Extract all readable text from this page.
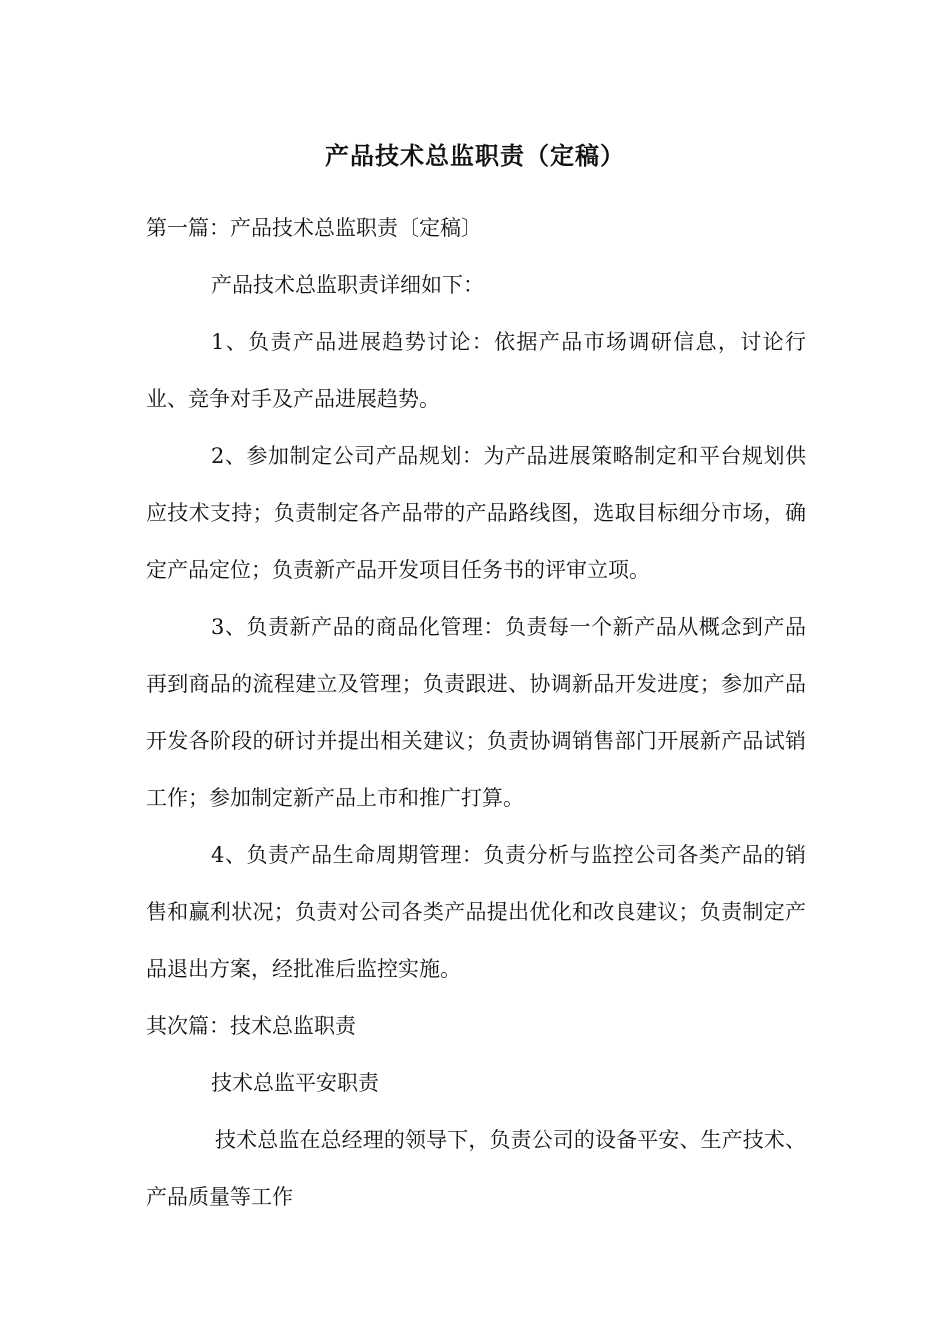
产品技术总监职责（定稿）

第一篇：产品技术总监职责〔定稿〕

产品技术总监职责详细如下：

1、负责产品进展趋势讨论：依据产品市场调研信息，讨论行业、竞争对手及产品进展趋势。

2、参加制定公司产品规划：为产品进展策略制定和平台规划供应技术支持；负责制定各产品带的产品路线图，选取目标细分市场，确定产品定位；负责新产品开发项目任务书的评审立项。

3、负责新产品的商品化管理：负责每一个新产品从概念到产品再到商品的流程建立及管理；负责跟进、协调新品开发进度；参加产品开发各阶段的研讨并提出相关建议；负责协调销售部门开展新产品试销工作；参加制定新产品上市和推广打算。

4、负责产品生命周期管理：负责分析与监控公司各类产品的销售和赢利状况；负责对公司各类产品提出优化和改良建议；负责制定产品退出方案，经批准后监控实施。

其次篇：技术总监职责

技术总监平安职责

技术总监在总经理的领导下，负责公司的设备平安、生产技术、产品质量等工作
